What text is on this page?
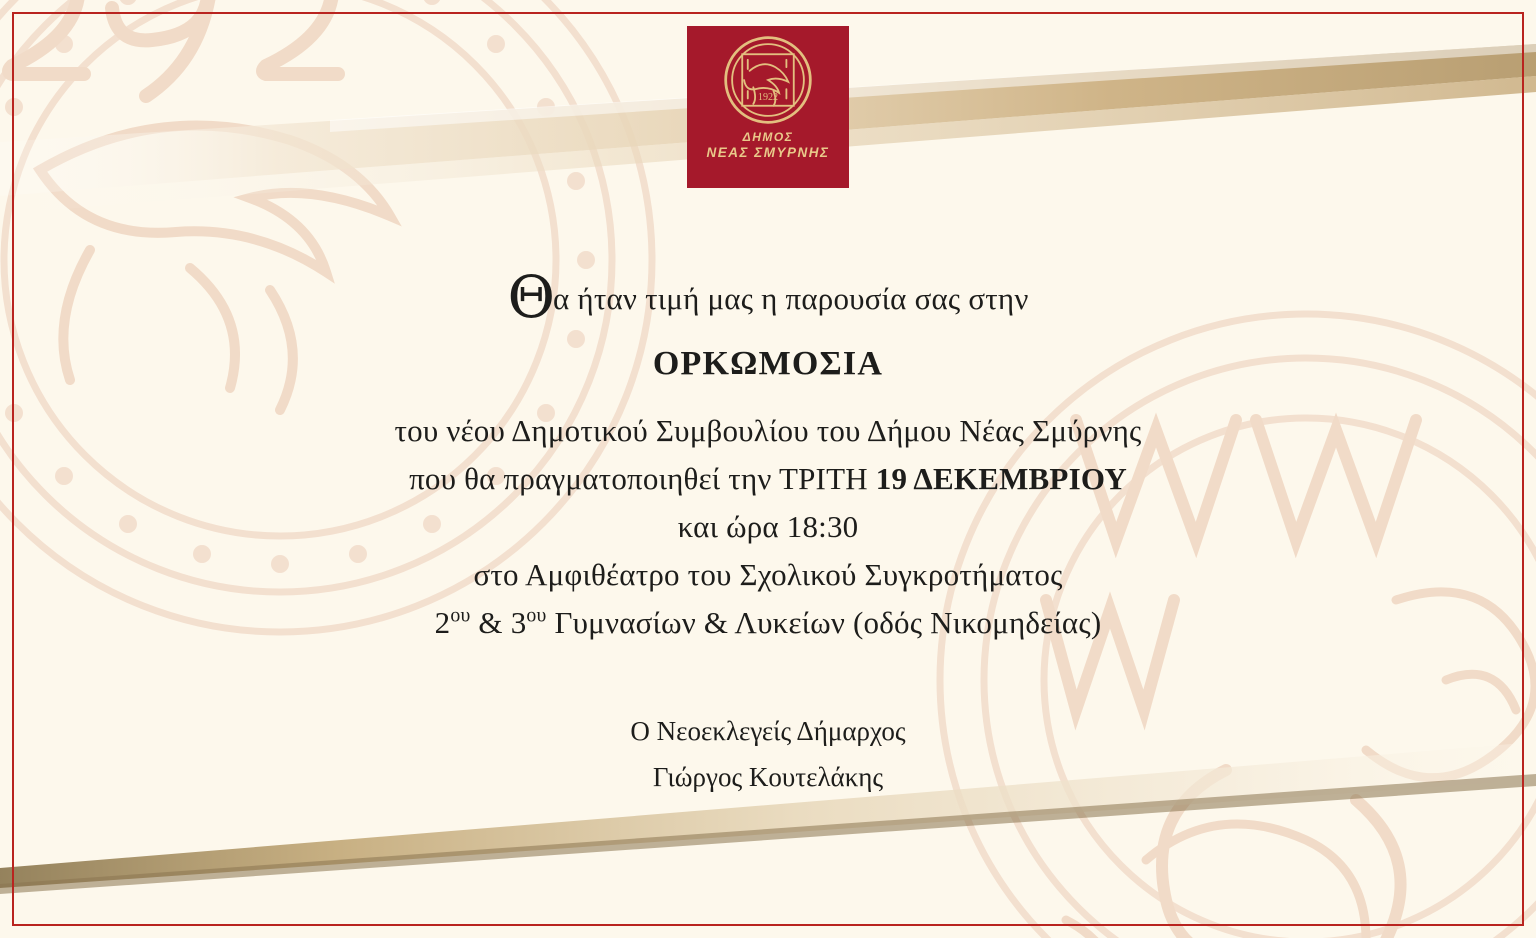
1922
ΔΗΜΟΣ
ΝΕΑΣ ΣΜΥΡΝΗΣ
Θα ήταν τιμή μας η παρουσία σας στην
ΟΡΚΩΜΟΣΙΑ
του νέου Δημοτικού Συμβουλίου του Δήμου Νέας Σμύρνης
που θα πραγματοποιηθεί την ΤΡΙΤΗ 19 ΔΕΚΕΜΒΡΙΟΥ
και ώρα 18:30
στο Αμφιθέατρο του Σχολικού Συγκροτήματος
$2^{o\upsilon}$ & $3^{o\upsilon}$ Γυμνασίων & Λυκείων (οδός Νικομηδείας)
Ο Νεοεκλεγείς Δήμαρχος
Γιώργος Κουτελάκης
